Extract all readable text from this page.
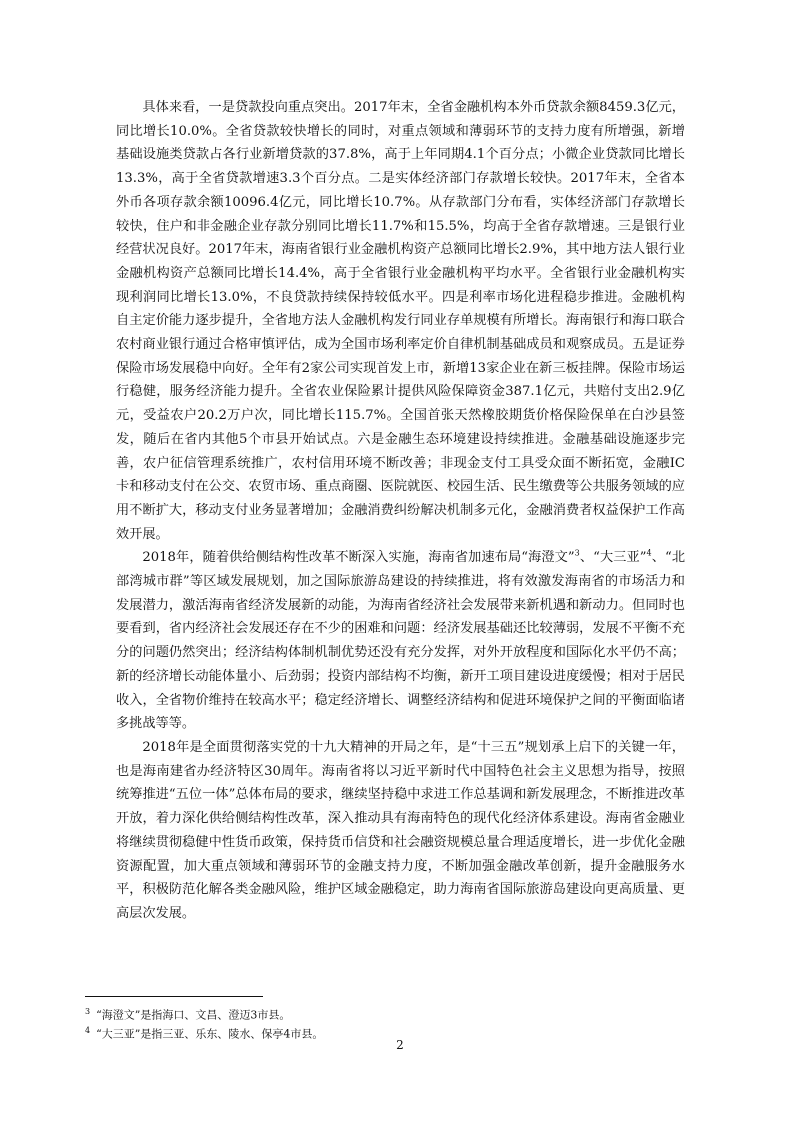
具体来看，一是贷款投向重点突出。2017年末，全省金融机构本外币贷款余额8459.3亿元，同比增长10.0%。全省贷款较快增长的同时，对重点领域和薄弱环节的支持力度有所增强，新增基础设施类贷款占各行业新增贷款的37.8%，高于上年同期4.1个百分点；小微企业贷款同比增长13.3%，高于全省贷款增速3.3个百分点。二是实体经济部门存款增长较快。2017年末，全省本外币各项存款余额10096.4亿元，同比增长10.7%。从存款部门分布看，实体经济部门存款增长较快，住户和非金融企业存款分别同比增长11.7%和15.5%，均高于全省存款增速。三是银行业经营状况良好。2017年末，海南省银行业金融机构资产总额同比增长2.9%，其中地方法人银行业金融机构资产总额同比增长14.4%，高于全省银行业金融机构平均水平。全省银行业金融机构实现利润同比增长13.0%，不良贷款持续保持较低水平。四是利率市场化进程稳步推进。金融机构自主定价能力逐步提升，全省地方法人金融机构发行同业存单规模有所增长。海南银行和海口联合农村商业银行通过合格审慎评估，成为全国市场利率定价自律机制基础成员和观察成员。五是证券保险市场发展稳中向好。全年有2家公司实现首发上市，新增13家企业在新三板挂牌。保险市场运行稳健，服务经济能力提升。全省农业保险累计提供风险保障资金387.1亿元，共赔付支出2.9亿元，受益农户20.2万户次，同比增长115.7%。全国首张天然橡胶期货价格保险保单在白沙县签发，随后在省内其他5个市县开始试点。六是金融生态环境建设持续推进。金融基础设施逐步完善，农户征信管理系统推广，农村信用环境不断改善；非现金支付工具受众面不断拓宽，金融IC卡和移动支付在公交、农贸市场、重点商圈、医院就医、校园生活、民生缴费等公共服务领域的应用不断扩大，移动支付业务显著增加；金融消费纠纷解决机制多元化，金融消费者权益保护工作高效开展。

2018年，随着供给侧结构性改革不断深入实施，海南省加速布局“海澄文”$^3$、“大三亚”$^4$、“北部湾城市群”等区域发展规划，加之国际旅游岛建设的持续推进，将有效激发海南省的市场活力和发展潜力，激活海南省经济发展新的动能，为海南省经济社会发展带来新机遇和新动力。但同时也要看到，省内经济社会发展还存在不少的困难和问题：经济发展基础还比较薄弱，发展不平衡不充分的问题仍然突出；经济结构体制机制优势还没有充分发挥，对外开放程度和国际化水平仍不高；新的经济增长动能体量小、后劲弱；投资内部结构不均衡，新开工项目建设进度缓慢；相对于居民收入，全省物价维持在较高水平；稳定经济增长、调整经济结构和促进环境保护之间的平衡面临诸多挑战等等。

2018年是全面贯彻落实党的十九大精神的开局之年，是“十三五”规划承上启下的关键一年，也是海南建省办经济特区30周年。海南省将以习近平新时代中国特色社会主义思想为指导，按照统筹推进“五位一体”总体布局的要求，继续坚持稳中求进工作总基调和新发展理念，不断推进改革开放，着力深化供给侧结构性改革，深入推动具有海南特色的现代化经济体系建设。海南省金融业将继续贯彻稳健中性货币政策，保持货币信贷和社会融资规模总量合理适度增长，进一步优化金融资源配置，加大重点领域和薄弱环节的金融支持力度，不断加强金融改革创新，提升金融服务水平，积极防范化解各类金融风险，维护区域金融稳定，助力海南省国际旅游岛建设向更高质量、更高层次发展。

$^3$ “海澄文”是指海口、文昌、澄迈3市县。

$^4$ “大三亚”是指三亚、乐东、陵水、保亭4市县。

2
